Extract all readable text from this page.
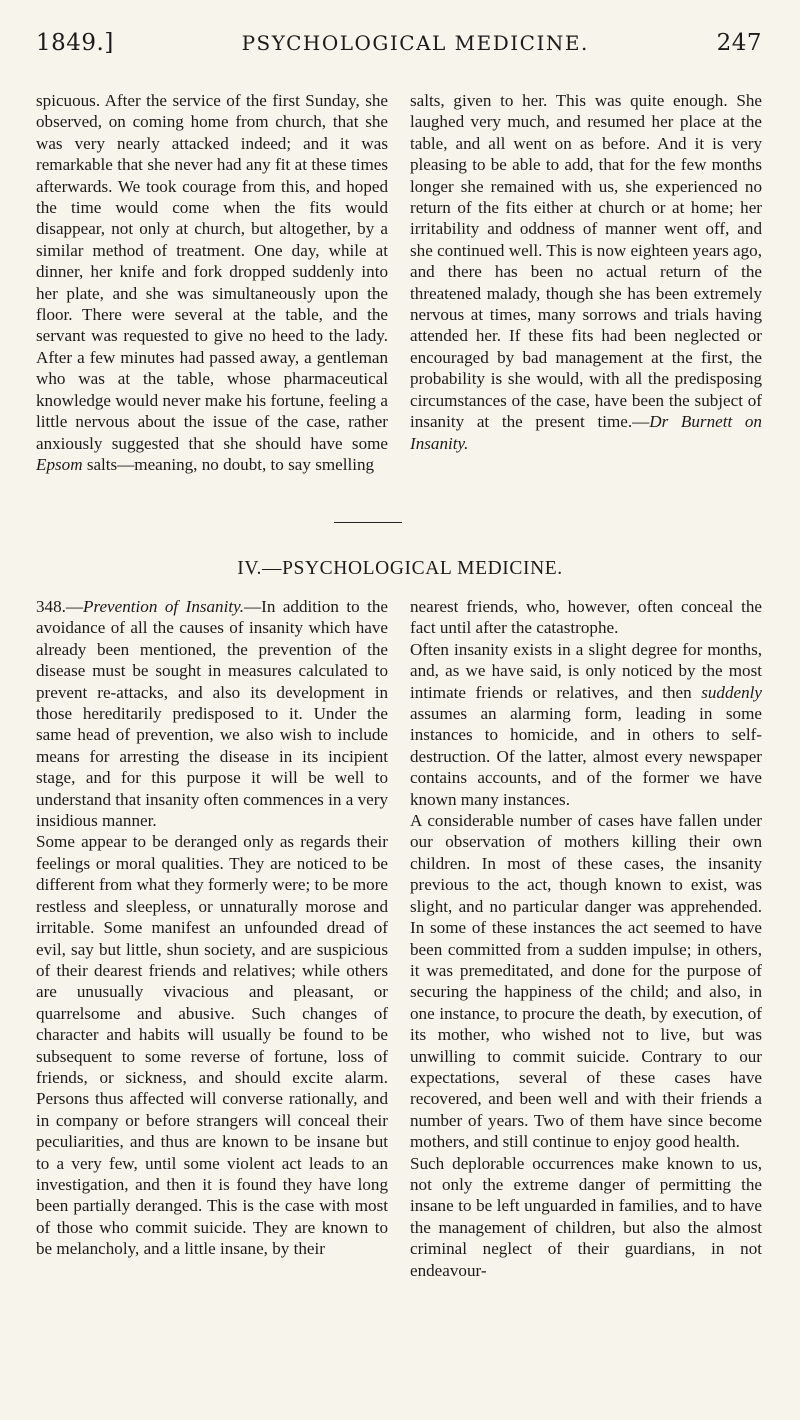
1849.]	PSYCHOLOGICAL MEDICINE.	247

spicuous. After the service of the first Sunday, she observed, on coming home from church, that she was very nearly attacked indeed; and it was remarkable that she never had any fit at these times afterwards. We took courage from this, and hoped the time would come when the fits would disappear, not only at church, but altogether, by a similar method of treatment. One day, while at dinner, her knife and fork dropped suddenly into her plate, and she was simultaneously upon the floor. There were several at the table, and the servant was requested to give no heed to the lady. After a few minutes had passed away, a gentleman who was at the table, whose pharmaceutical knowledge would never make his fortune, feeling a little nervous about the issue of the case, rather anxiously suggested that she should have some Epsom salts—meaning, no doubt, to say smelling

salts, given to her. This was quite enough. She laughed very much, and resumed her place at the table, and all went on as before. And it is very pleasing to be able to add, that for the few months longer she remained with us, she experienced no return of the fits either at church or at home; her irritability and oddness of manner went off, and she continued well. This is now eighteen years ago, and there has been no actual return of the threatened malady, though she has been extremely nervous at times, many sorrows and trials having attended her. If these fits had been neglected or encouraged by bad management at the first, the probability is she would, with all the predisposing circumstances of the case, have been the subject of insanity at the present time.—Dr Burnett on Insanity.

IV.—PSYCHOLOGICAL MEDICINE.

348.—Prevention of Insanity.—In addition to the avoidance of all the causes of insanity which have already been mentioned, the prevention of the disease must be sought in measures calculated to prevent re-attacks, and also its development in those hereditarily predisposed to it. Under the same head of prevention, we also wish to include means for arresting the disease in its incipient stage, and for this purpose it will be well to understand that insanity often commences in a very insidious manner.

Some appear to be deranged only as regards their feelings or moral qualities. They are noticed to be different from what they formerly were; to be more restless and sleepless, or unnaturally morose and irritable. Some manifest an unfounded dread of evil, say but little, shun society, and are suspicious of their dearest friends and relatives; while others are unusually vivacious and pleasant, or quarrelsome and abusive. Such changes of character and habits will usually be found to be subsequent to some reverse of fortune, loss of friends, or sickness, and should excite alarm. Persons thus affected will converse rationally, and in company or before strangers will conceal their peculiarities, and thus are known to be insane but to a very few, until some violent act leads to an investigation, and then it is found they have long been partially deranged. This is the case with most of those who commit suicide. They are known to be melancholy, and a little insane, by their

nearest friends, who, however, often conceal the fact until after the catastrophe.

Often insanity exists in a slight degree for months, and, as we have said, is only noticed by the most intimate friends or relatives, and then suddenly assumes an alarming form, leading in some instances to homicide, and in others to self-destruction. Of the latter, almost every newspaper contains accounts, and of the former we have known many instances.

A considerable number of cases have fallen under our observation of mothers killing their own children. In most of these cases, the insanity previous to the act, though known to exist, was slight, and no particular danger was apprehended. In some of these instances the act seemed to have been committed from a sudden impulse; in others, it was premeditated, and done for the purpose of securing the happiness of the child; and also, in one instance, to procure the death, by execution, of its mother, who wished not to live, but was unwilling to commit suicide. Contrary to our expectations, several of these cases have recovered, and been well and with their friends a number of years. Two of them have since become mothers, and still continue to enjoy good health.

Such deplorable occurrences make known to us, not only the extreme danger of permitting the insane to be left unguarded in families, and to have the management of children, but also the almost criminal neglect of their guardians, in not endeavour-
